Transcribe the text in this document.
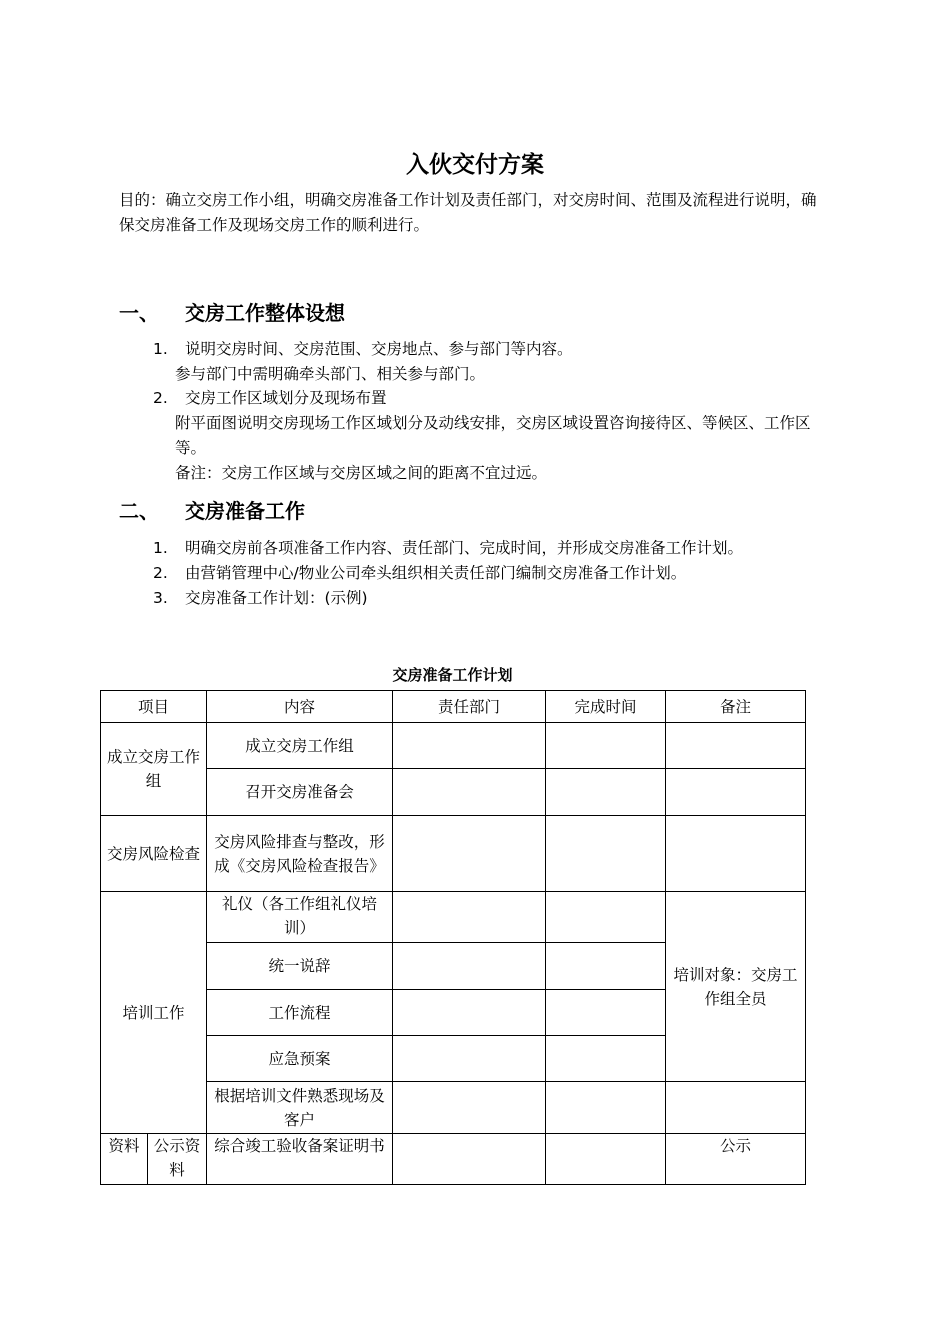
入伙交付方案
目的：确立交房工作小组，明确交房准备工作计划及责任部门，对交房时间、范围及流程进行说明，确保交房准备工作及现场交房工作的顺利进行。
一、 交房工作整体设想
1. 说明交房时间、交房范围、交房地点、参与部门等内容。
参与部门中需明确牵头部门、相关参与部门。
2. 交房工作区域划分及现场布置
附平面图说明交房现场工作区域划分及动线安排，交房区域设置咨询接待区、等候区、工作区等。
备注：交房工作区域与交房区域之间的距离不宜过远。
二、 交房准备工作
1. 明确交房前各项准备工作内容、责任部门、完成时间，并形成交房准备工作计划。
2. 由营销管理中心/物业公司牵头组织相关责任部门编制交房准备工作计划。
3. 交房准备工作计划：(示例)
交房准备工作计划
项目		内容	责任部门	完成时间	备注
成立交房工作组		成立交房工作组			
		召开交房准备会			
交房风险检查		交房风险排查与整改，形成《交房风险检查报告》			
培训工作		礼仪（各工作组礼仪培训）			培训对象：交房工作组全员
		统一说辞			
		工作流程			
		应急预案			
		根据培训文件熟悉现场及客户			
资料	公示资料	综合竣工验收备案证明书			公示
